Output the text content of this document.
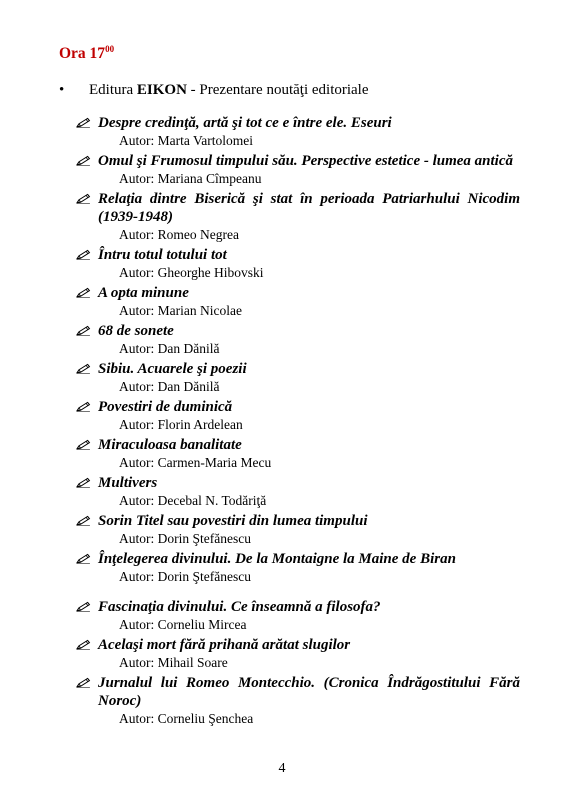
Ora $17^{00}$
• Editura EIKON - Prezentare noutăţi editoriale
Despre credinţă, artă şi tot ce e între ele. Eseuri
Autor: Marta Vartolomei
Omul şi Frumosul timpului său. Perspective estetice - lumea antică
Autor: Mariana Cîmpeanu
Relaţia dintre Biserică şi stat în perioada Patriarhului Nicodim (1939-1948)
Autor: Romeo Negrea
Întru totul totului tot
Autor: Gheorghe Hibovski
A opta minune
Autor: Marian Nicolae
68 de sonete
Autor: Dan Dănilă
Sibiu. Acuarele şi poezii
Autor: Dan Dănilă
Povestiri de duminică
Autor: Florin Ardelean
Miraculoasa banalitate
Autor: Carmen-Maria Mecu
Multivers
Autor: Decebal N. Todăriţă
Sorin Titel sau povestiri din lumea timpului
Autor: Dorin Ştefănescu
Înţelegerea divinului. De la Montaigne la Maine de Biran
Autor: Dorin Ştefănescu
Fascinaţia divinului. Ce înseamnă a filosofa?
Autor: Corneliu Mircea
Acelaşi mort fără prihană arătat slugilor
Autor: Mihail Soare
Jurnalul lui Romeo Montecchio. (Cronica Îndrăgostitului Fără Noroc)
Autor: Corneliu Şenchea
4
